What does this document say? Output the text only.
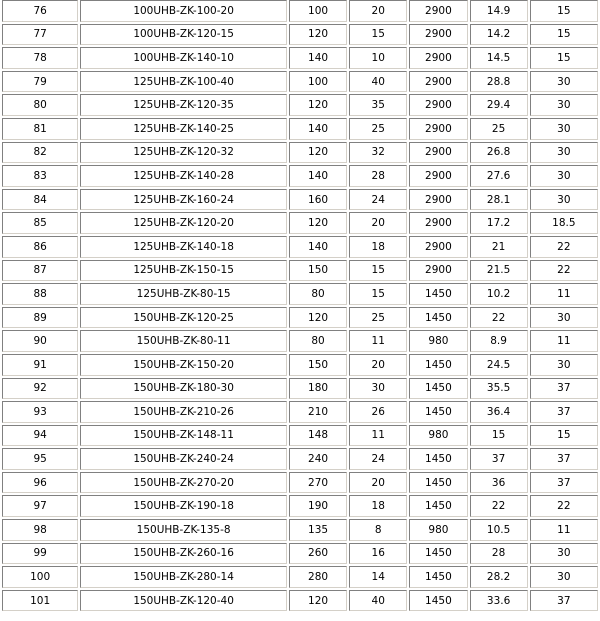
76	100UHB-ZK-100-20	100	20	2900	14.9	15
77	100UHB-ZK-120-15	120	15	2900	14.2	15
78	100UHB-ZK-140-10	140	10	2900	14.5	15
79	125UHB-ZK-100-40	100	40	2900	28.8	30
80	125UHB-ZK-120-35	120	35	2900	29.4	30
81	125UHB-ZK-140-25	140	25	2900	25	30
82	125UHB-ZK-120-32	120	32	2900	26.8	30
83	125UHB-ZK-140-28	140	28	2900	27.6	30
84	125UHB-ZK-160-24	160	24	2900	28.1	30
85	125UHB-ZK-120-20	120	20	2900	17.2	18.5
86	125UHB-ZK-140-18	140	18	2900	21	22
87	125UHB-ZK-150-15	150	15	2900	21.5	22
88	125UHB-ZK-80-15	80	15	1450	10.2	11
89	150UHB-ZK-120-25	120	25	1450	22	30
90	150UHB-ZK-80-11	80	11	980	8.9	11
91	150UHB-ZK-150-20	150	20	1450	24.5	30
92	150UHB-ZK-180-30	180	30	1450	35.5	37
93	150UHB-ZK-210-26	210	26	1450	36.4	37
94	150UHB-ZK-148-11	148	11	980	15	15
95	150UHB-ZK-240-24	240	24	1450	37	37
96	150UHB-ZK-270-20	270	20	1450	36	37
97	150UHB-ZK-190-18	190	18	1450	22	22
98	150UHB-ZK-135-8	135	8	980	10.5	11
99	150UHB-ZK-260-16	260	16	1450	28	30
100	150UHB-ZK-280-14	280	14	1450	28.2	30
101	150UHB-ZK-120-40	120	40	1450	33.6	37
